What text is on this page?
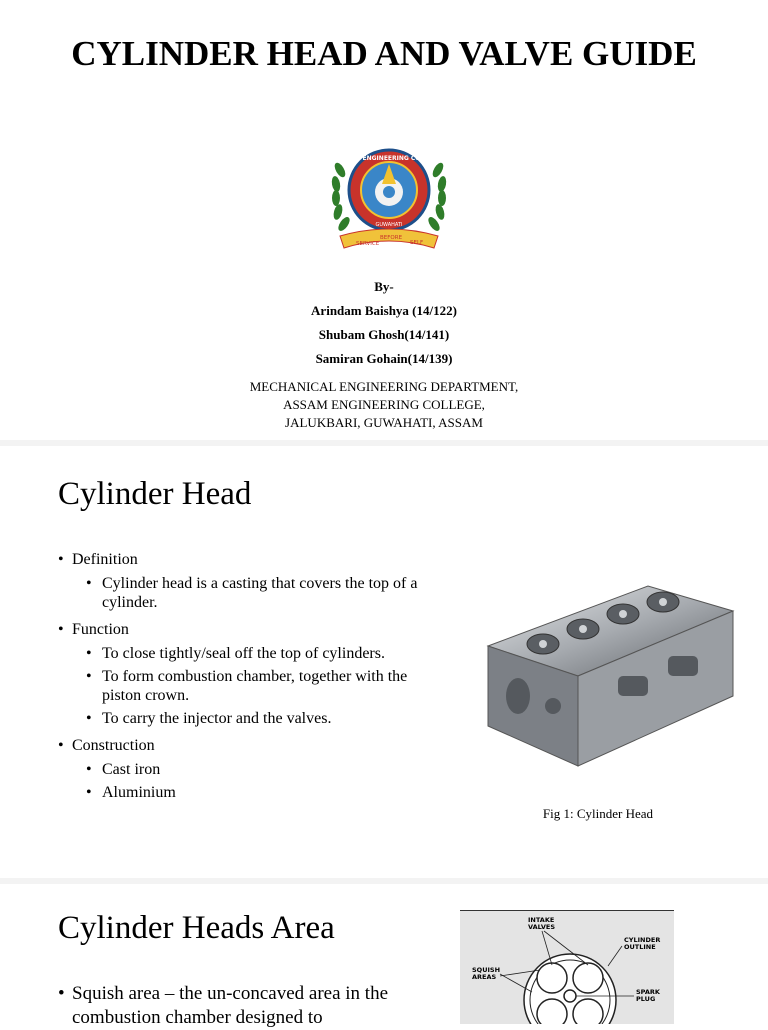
CYLINDER HEAD AND VALVE GUIDE
ASSAM ENGINEERING COLLEGE
GUWAHATI
SERVICE
BEFORE
SELF
By-
Arindam Baishya (14/122)
Shubam Ghosh(14/141)
Samiran Gohain(14/139)
MECHANICAL ENGINEERING DEPARTMENT,
ASSAM ENGINEERING COLLEGE,
JALUKBARI, GUWAHATI, ASSAM
Cylinder Head
• Definition
• Cylinder head is a casting that covers the top of a cylinder.
• Function
• To close tightly/seal off the top of cylinders.
• To form combustion chamber, together with the piston crown.
• To carry the injector and the valves.
• Construction
• Cast iron
• Aluminium
Fig 1: Cylinder Head
Cylinder Heads Area
• Squish area – the un-concaved area in the combustion chamber designed to
INTAKE
VALVES
CYLINDER
OUTLINE
SQUISH
AREAS
SPARK
PLUG
